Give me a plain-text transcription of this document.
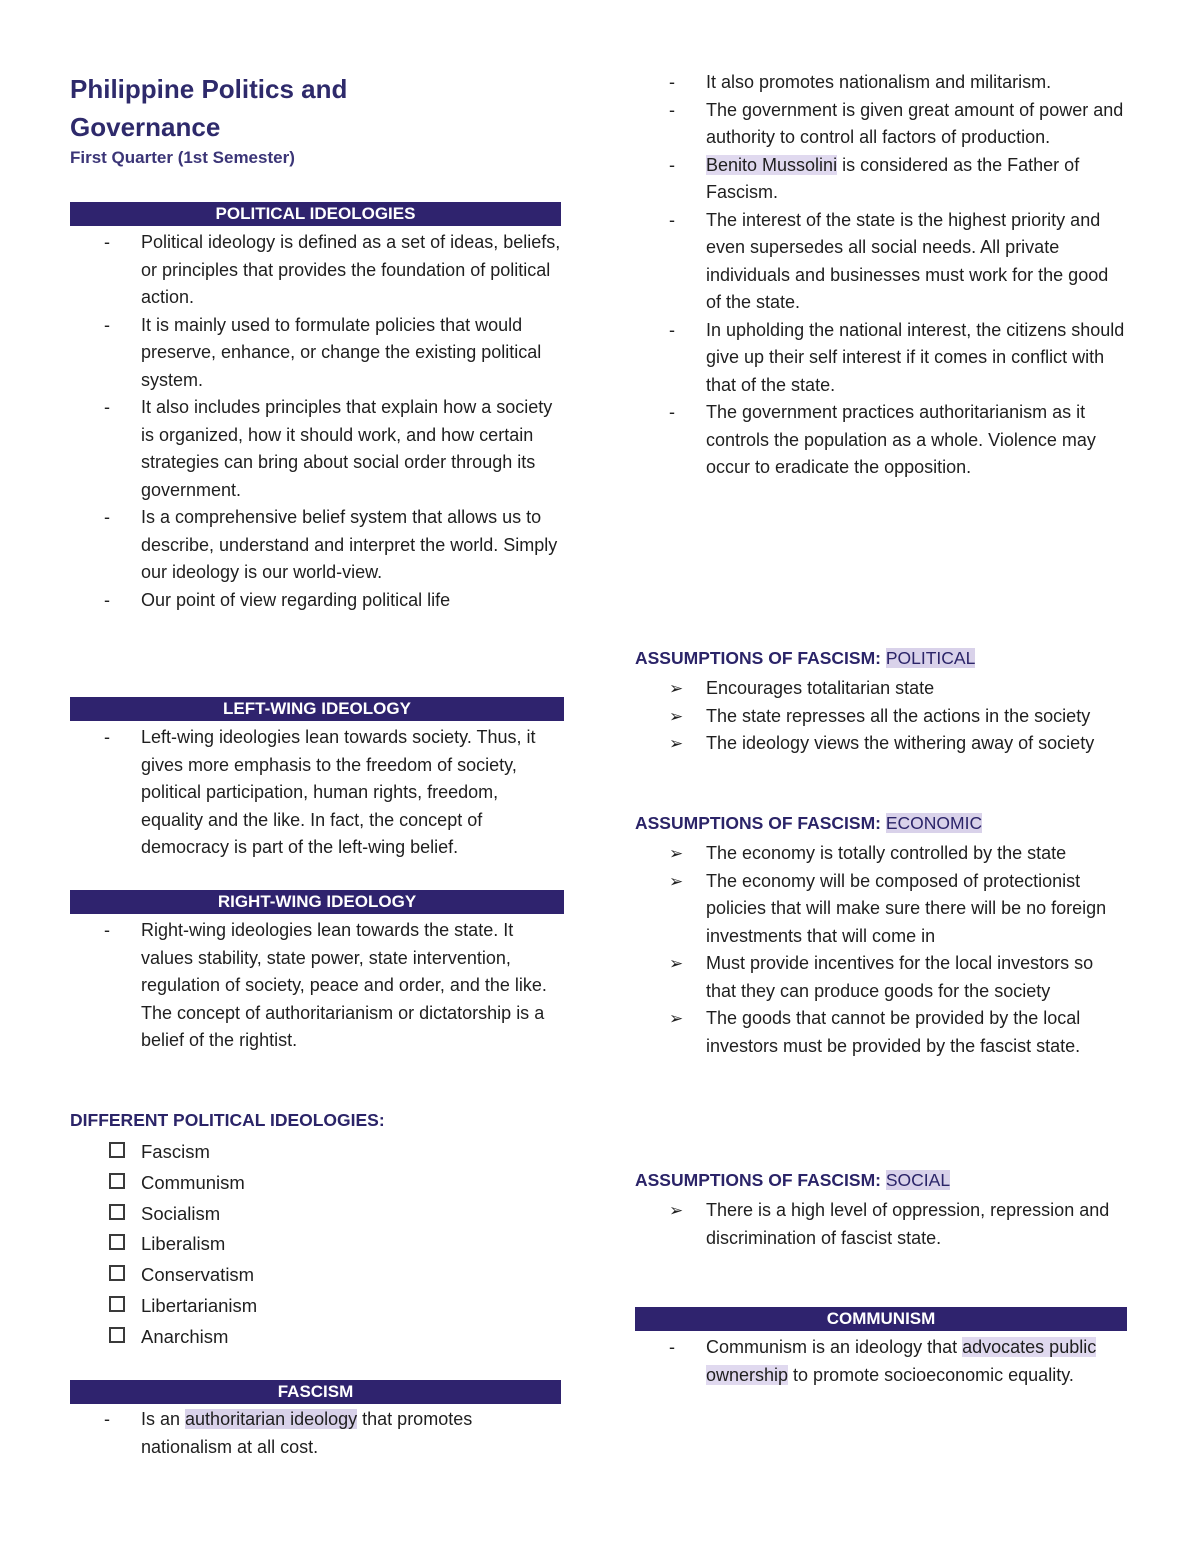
Philippine Politics and
Governance
First Quarter (1st Semester)
POLITICAL IDEOLOGIES
- Political ideology is defined as a set of ideas, beliefs, or principles that provides the foundation of political action.
- It is mainly used to formulate policies that would preserve, enhance, or change the existing political system.
- It also includes principles that explain how a society is organized, how it should work, and how certain strategies can bring about social order through its government.
- Is a comprehensive belief system that allows us to describe, understand and interpret the world. Simply our ideology is our world-view.
- Our point of view regarding political life
LEFT-WING IDEOLOGY
- Left-wing ideologies lean towards society. Thus, it gives more emphasis to the freedom of society, political participation, human rights, freedom, equality and the like. In fact, the concept of democracy is part of the left-wing belief.
RIGHT-WING IDEOLOGY
- Right-wing ideologies lean towards the state. It values stability, state power, state intervention, regulation of society, peace and order, and the like. The concept of authoritarianism or dictatorship is a belief of the rightist.
DIFFERENT POLITICAL IDEOLOGIES:
Fascism
Communism
Socialism
Liberalism
Conservatism
Libertarianism
Anarchism
FASCISM
- Is an authoritarian ideology that promotes nationalism at all cost.
- It also promotes nationalism and militarism.
- The government is given great amount of power and authority to control all factors of production.
- Benito Mussolini is considered as the Father of Fascism.
- The interest of the state is the highest priority and even supersedes all social needs. All private individuals and businesses must work for the good of the state.
- In upholding the national interest, the citizens should give up their self interest if it comes in conflict with that of the state.
- The government practices authoritarianism as it controls the population as a whole. Violence may occur to eradicate the opposition.
ASSUMPTIONS OF FASCISM: POLITICAL
➢ Encourages totalitarian state
➢ The state represses all the actions in the society
➢ The ideology views the withering away of society
ASSUMPTIONS OF FASCISM: ECONOMIC
➢ The economy is totally controlled by the state
➢ The economy will be composed of protectionist policies that will make sure there will be no foreign investments that will come in
➢ Must provide incentives for the local investors so that they can produce goods for the society
➢ The goods that cannot be provided by the local investors must be provided by the fascist state.
ASSUMPTIONS OF FASCISM: SOCIAL
➢ There is a high level of oppression, repression and discrimination of fascist state.
COMMUNISM
- Communism is an ideology that advocates public ownership to promote socioeconomic equality.
